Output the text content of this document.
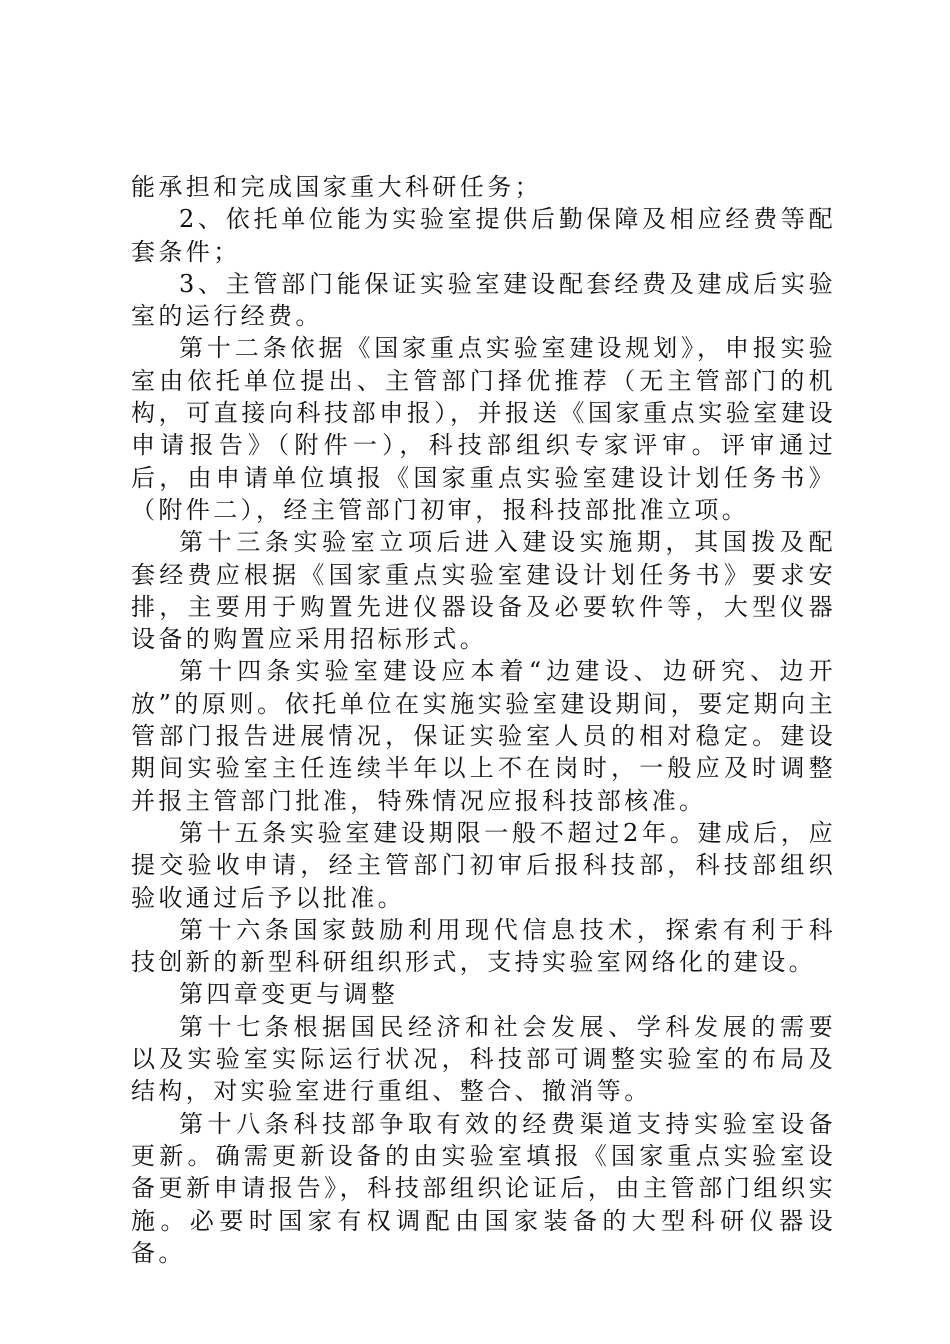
能承担和完成国家重大科研任务；

2、依托单位能为实验室提供后勤保障及相应经费等配套条件；

3、主管部门能保证实验室建设配套经费及建成后实验室的运行经费。

第十二条依据《国家重点实验室建设规划》，申报实验室由依托单位提出、主管部门择优推荐（无主管部门的机构，可直接向科技部申报），并报送《国家重点实验室建设申请报告》（附件一），科技部组织专家评审。评审通过后，由申请单位填报《国家重点实验室建设计划任务书》（附件二），经主管部门初审，报科技部批准立项。

第十三条实验室立项后进入建设实施期，其国拨及配套经费应根据《国家重点实验室建设计划任务书》要求安排，主要用于购置先进仪器设备及必要软件等，大型仪器设备的购置应采用招标形式。

第十四条实验室建设应本着“边建设、边研究、边开放”的原则。依托单位在实施实验室建设期间，要定期向主管部门报告进展情况，保证实验室人员的相对稳定。建设期间实验室主任连续半年以上不在岗时，一般应及时调整并报主管部门批准，特殊情况应报科技部核准。

第十五条实验室建设期限一般不超过2年。建成后，应提交验收申请，经主管部门初审后报科技部，科技部组织验收通过后予以批准。

第十六条国家鼓励利用现代信息技术，探索有利于科技创新的新型科研组织形式，支持实验室网络化的建设。

第四章变更与调整

第十七条根据国民经济和社会发展、学科发展的需要以及实验室实际运行状况，科技部可调整实验室的布局及结构，对实验室进行重组、整合、撤消等。

第十八条科技部争取有效的经费渠道支持实验室设备更新。确需更新设备的由实验室填报《国家重点实验室设备更新申请报告》，科技部组织论证后，由主管部门组织实施。必要时国家有权调配由国家装备的大型科研仪器设备。
